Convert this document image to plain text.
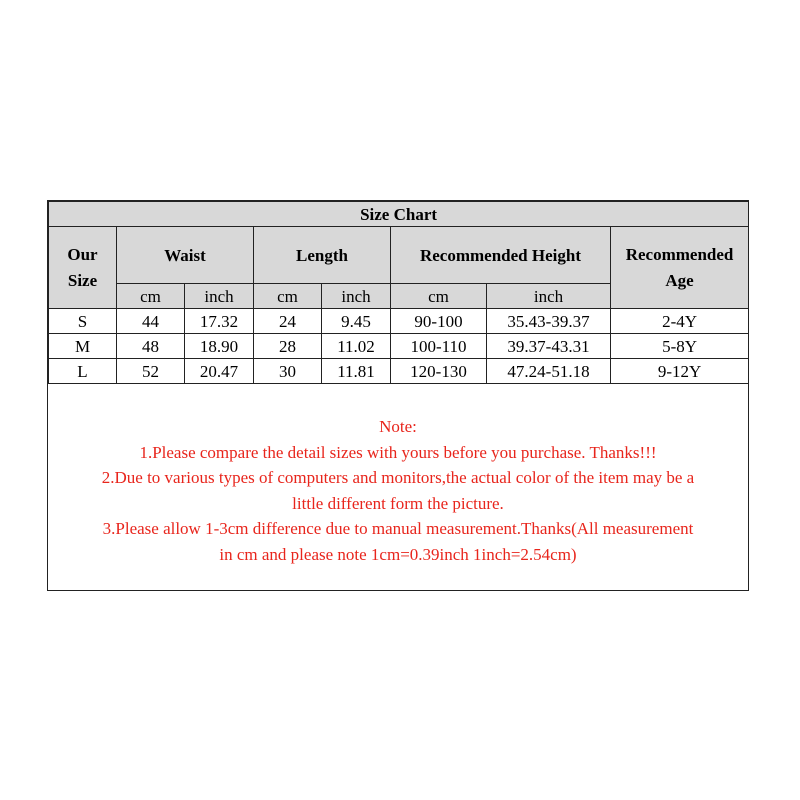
Size Chart							
Our
Size	Waist		Length		Recommended Height		Recommended
Age
	cm	inch	cm	inch	cm	inch	
S	44	17.32	24	9.45	90-100	35.43-39.37	2-4Y
M	48	18.90	28	11.02	100-110	39.37-43.31	5-8Y
L	52	20.47	30	11.81	120-130	47.24-51.18	9-12Y

Note:

1.Please compare the detail sizes with yours before you purchase. Thanks!!!

2.Due to various types of computers and monitors,the actual color of the item may be a

little different form the picture.

3.Please allow 1-3cm difference due to manual measurement.Thanks(All measurement

in cm and please note 1cm=0.39inch 1inch=2.54cm)
